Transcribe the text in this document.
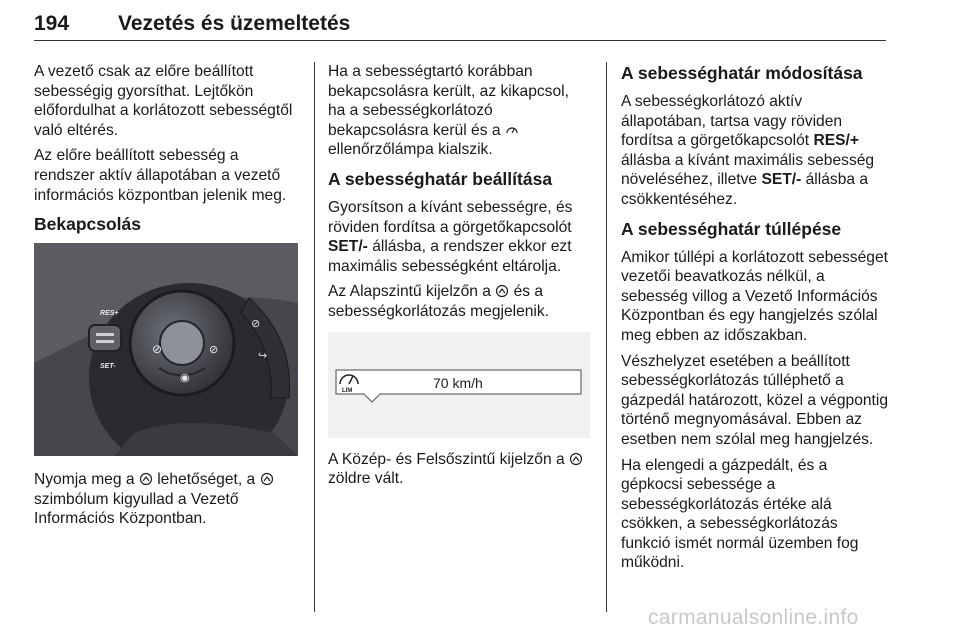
194 Vezetés és üzemeltetés

A vezető csak az előre beállított sebességig gyorsíthat. Lejtőkön előfordulhat a korlátozott sebességtől való eltérés.

Az előre beállított sebesség a rendszer aktív állapotában a vezető információs központban jelenik meg.

Bekapcsolás
⊘
◉
⊘
RES+
SET-
⊘
↪

Nyomja meg a  lehetőséget, a  szimbólum kigyullad a Vezető Információs Központban.

Ha a sebességtartó korábban bekapcsolásra került, az kikapcsol, ha a sebességkorlátozó bekapcsolásra kerül és a  ellenőrzőlámpa kialszik.

A sebességhatár beállítása

Gyorsítson a kívánt sebességre, és röviden fordítsa a görgetőkapcsolót SET/- állásba, a rendszer ekkor ezt maximális sebességként eltárolja.

Az Alapszintű kijelzőn a  és a sebességkorlátozás megjelenik.

LIM	70 km/h

A Közép- és Felsőszintű kijelzőn a  zöldre vált.

A sebességhatár módosítása

A sebességkorlátozó aktív állapotában, tartsa vagy röviden fordítsa a görgetőkapcsolót RES/+ állásba a kívánt maximális sebesség növeléséhez, illetve SET/- állásba a csökkentéséhez.

A sebességhatár túllépése

Amikor túllépi a korlátozott sebességet vezetői beavatkozás nélkül, a sebesség villog a Vezető Információs Központban és egy hangjelzés szólal meg ebben az időszakban.

Vészhelyzet esetében a beállított sebességkorlátozás túlléphető a gázpedál határozott, közel a végpontig történő megnyomásával. Ebben az esetben nem szólal meg hangjelzés.

Ha elengedi a gázpedált, és a gépkocsi sebessége a sebességkorlátozás értéke alá csökken, a sebességkorlátozás funkció ismét normál üzemben fog működni.

carmanualsonline.info
